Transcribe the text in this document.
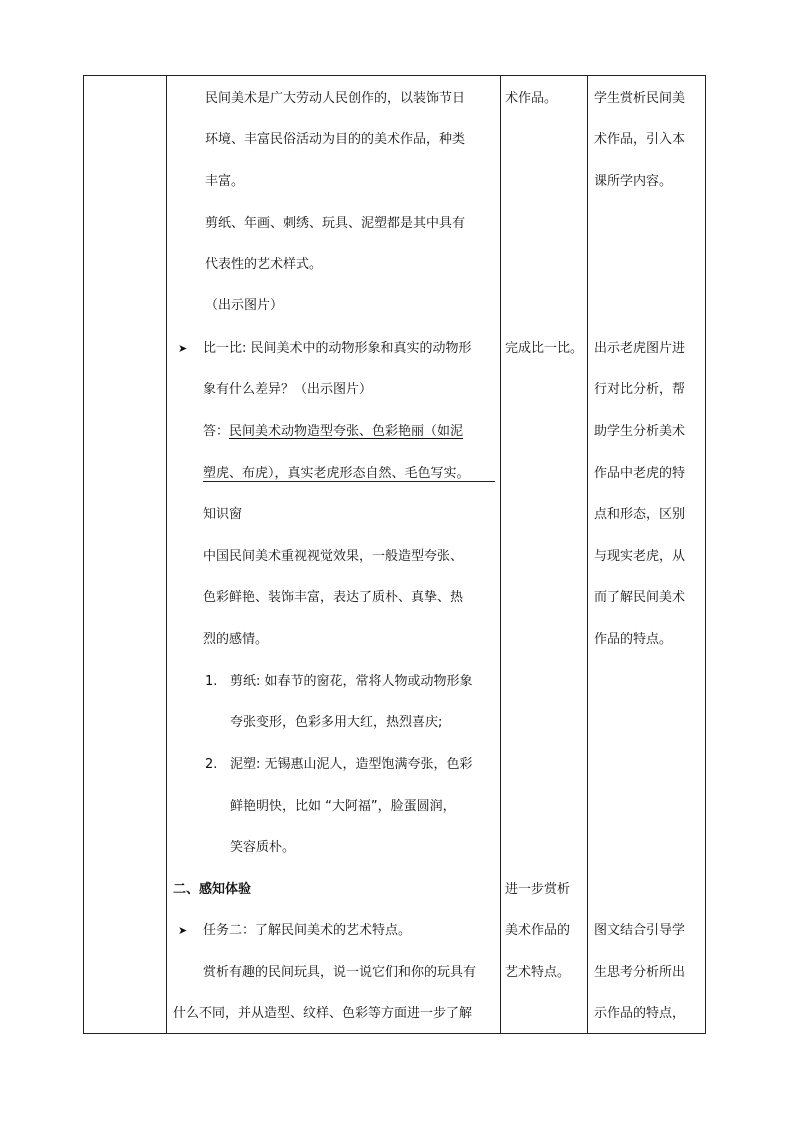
民间美术是广大劳动人民创作的，以装饰节日
环境、丰富民俗活动为目的的美术作品，种类
丰富。
剪纸、年画、刺绣、玩具、泥塑都是其中具有
代表性的艺术样式。
（出示图片）
➤ 比一比: 民间美术中的动物形象和真实的动物形
象有什么差异？（出示图片）
答：民间美术动物造型夸张、色彩艳丽（如泥
塑虎、布虎），真实老虎形态自然、毛色写实。
知识窗
中国民间美术重视视觉效果，一般造型夸张、
色彩鲜艳、装饰丰富，表达了质朴、真挚、热
烈的感情。
1. 剪纸: 如春节的窗花，常将人物或动物形象
夸张变形，色彩多用大红，热烈喜庆;
2. 泥塑: 无锡惠山泥人，造型饱满夸张，色彩
鲜艳明快，比如 “大阿福”，脸蛋圆润，
笑容质朴。
二、感知体验
➤ 任务二：了解民间美术的艺术特点。
赏析有趣的民间玩具，说一说它们和你的玩具有
什么不同，并从造型、纹样、色彩等方面进一步了解
术作品。
完成比一比。
进一步赏析
美术作品的
艺术特点。
学生赏析民间美
术作品，引入本
课所学内容。
出示老虎图片进
行对比分析，帮
助学生分析美术
作品中老虎的特
点和形态，区别
与现实老虎，从
而了解民间美术
作品的特点。
图文结合引导学
生思考分析所出
示作品的特点，
